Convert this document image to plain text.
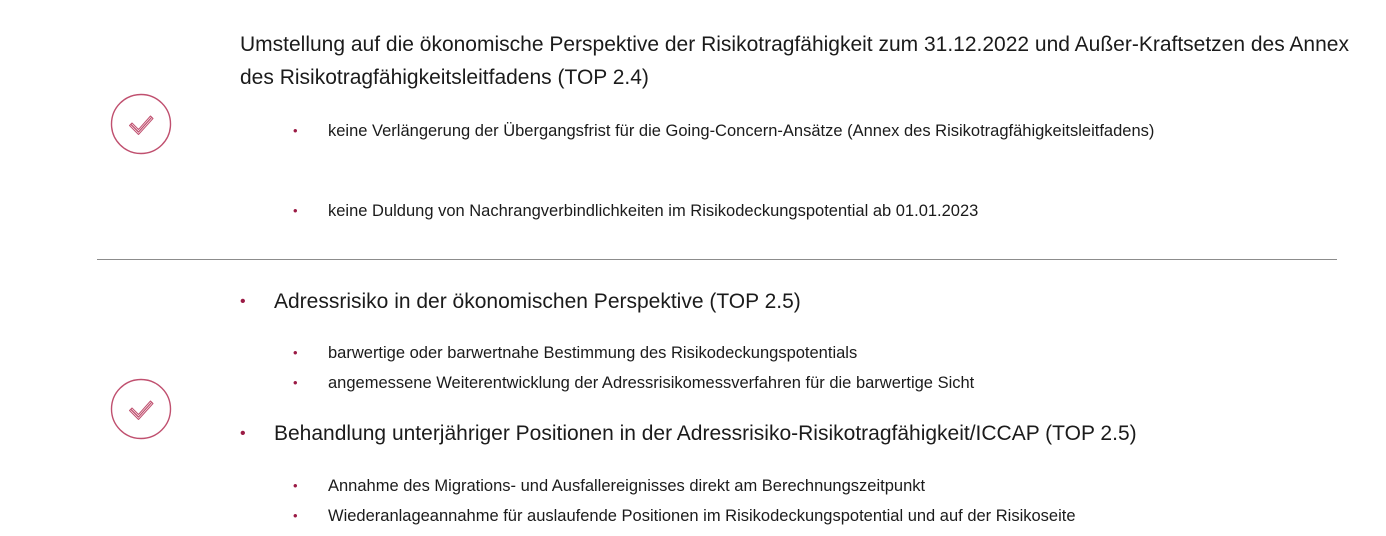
Umstellung auf die ökonomische Perspektive der Risikotragfähigkeit zum 31.12.2022 und Außer-Kraftsetzen des Annex des Risikotragfähigkeitsleitfadens (TOP 2.4)
•	keine Verlängerung der Übergangsfrist für die Going-Concern-Ansätze (Annex des Risikotragfähigkeitsleitfadens)
•	keine Duldung von Nachrangverbindlichkeiten im Risikodeckungspotential ab 01.01.2023
•	Adressrisiko in der ökonomischen Perspektive (TOP 2.5)
•	barwertige oder barwertnahe Bestimmung des Risikodeckungspotentials
•	angemessene Weiterentwicklung der Adressrisikomessverfahren für die barwertige Sicht
•	Behandlung unterjähriger Positionen in der Adressrisiko-Risikotragfähigkeit/ICCAP (TOP 2.5)
•	Annahme des Migrations- und Ausfallereignisses direkt am Berechnungszeitpunkt
•	Wiederanlageannahme für auslaufende Positionen im Risikodeckungspotential und auf der Risikoseite
